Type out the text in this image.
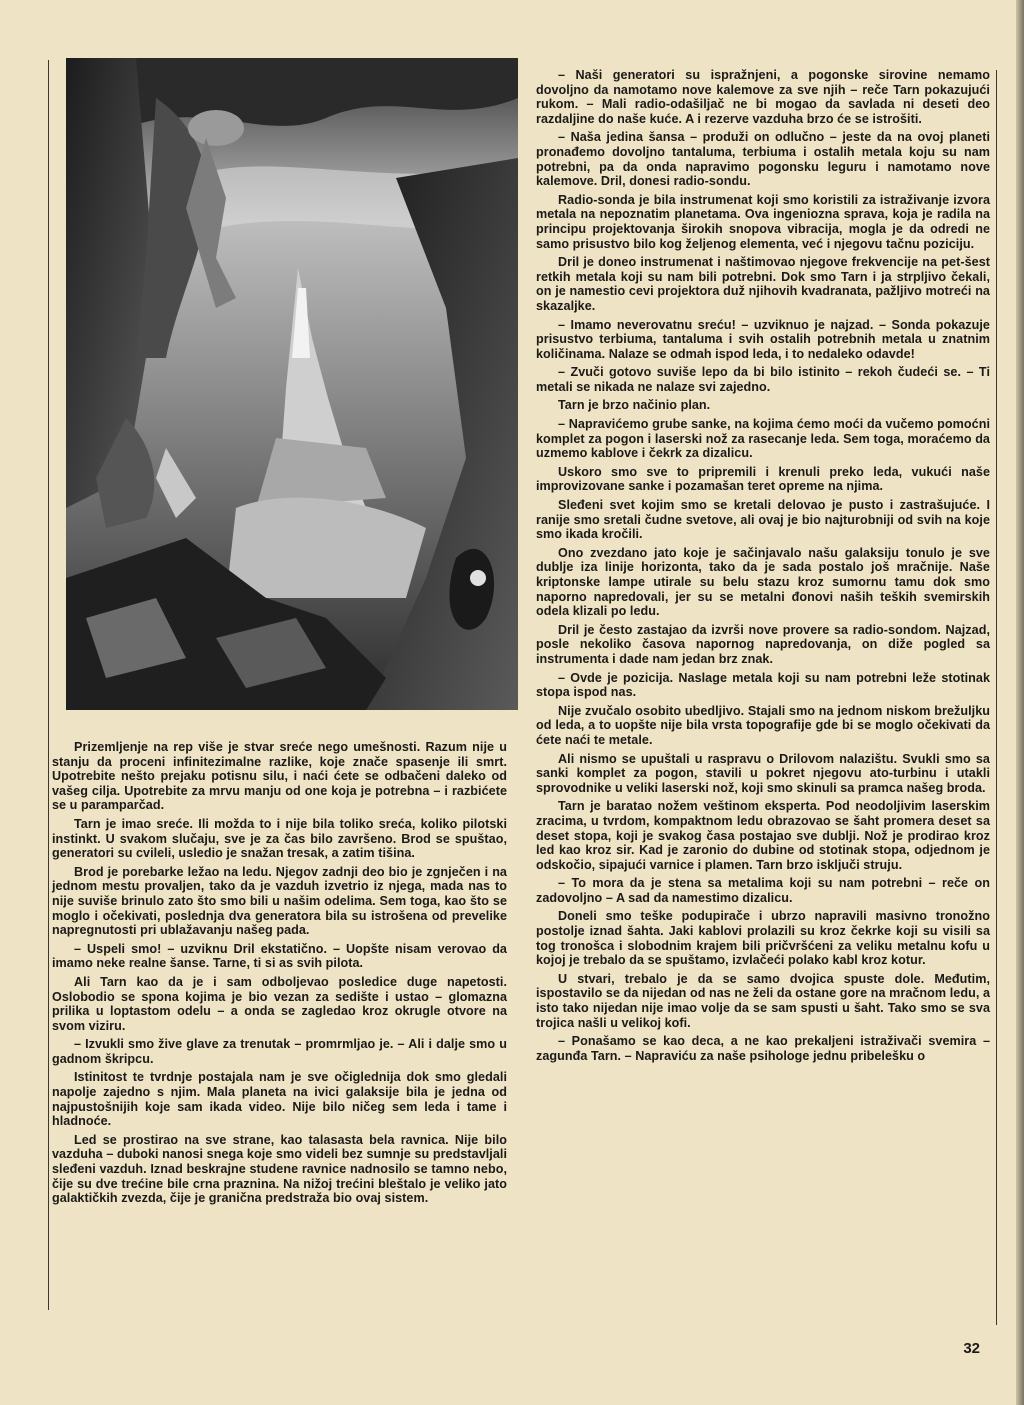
Prizemljenje na rep više je stvar sreće nego umešnosti. Razum nije u stanju da proceni infinitezimalne razlike, koje znače spasenje ili smrt. Upotrebite nešto prejaku potisnu silu, i naći ćete se odbačeni daleko od vašeg cilja. Upotrebite za mrvu manju od one koja je potrebna – i razbićete se u paramparčad.

Tarn je imao sreće. Ili možda to i nije bila toliko sreća, koliko pilotski instinkt. U svakom slučaju, sve je za čas bilo završeno. Brod se spuštao, generatori su cvileli, usledio je snažan tresak, a zatim tišina.

Brod je porebarke ležao na ledu. Njegov zadnji deo bio je zgnječen i na jednom mestu provaljen, tako da je vazduh izvetrio iz njega, mada nas to nije suviše brinulo zato što smo bili u našim odelima. Sem toga, kao što se moglo i očekivati, poslednja dva generatora bila su istrošena od prevelike napregnutosti pri ublažavanju našeg pada.

– Uspeli smo! – uzviknu Dril ekstatično. – Uopšte nisam verovao da imamo neke realne šanse. Tarne, ti si as svih pilota.

Ali Tarn kao da je i sam odboljevao posledice duge napetosti. Oslobodio se spona kojima je bio vezan za sedište i ustao – glomazna prilika u loptastom odelu – a onda se zagledao kroz okrugle otvore na svom viziru.

– Izvukli smo žive glave za trenutak – promrmljao je. – Ali i dalje smo u gadnom škripcu.

Istinitost te tvrdnje postajala nam je sve očiglednija dok smo gledali napolje zajedno s njim. Mala planeta na ivici galaksije bila je jedna od najpustošnijih koje sam ikada video. Nije bilo ničeg sem leda i tame i hladnoće.

Led se prostirao na sve strane, kao talasasta bela ravnica. Nije bilo vazduha – duboki nanosi snega koje smo videli bez sumnje su predstavljali sleđeni vazduh. Iznad beskrajne studene ravnice nadnosilo se tamno nebo, čije su dve trećine bile crna praznina. Na nižoj trećini bleštalo je veliko jato galaktičkih zvezda, čije je granična predstraža bio ovaj sistem.

– Naši generatori su ispražnjeni, a pogonske sirovine nemamo dovoljno da namotamo nove kalemove za sve njih – reče Tarn pokazujući rukom. – Mali radio-odašiljač ne bi mogao da savlada ni deseti deo razdaljine do naše kuće. A i rezerve vazduha brzo će se istrošiti.

– Naša jedina šansa – produži on odlučno – jeste da na ovoj planeti pronađemo dovoljno tantaluma, terbiuma i ostalih metala koju su nam potrebni, pa da onda napravimo pogonsku leguru i namotamo nove kalemove. Dril, donesi radio-sondu.

Radio-sonda je bila instrumenat koji smo koristili za istraživanje izvora metala na nepoznatim planetama. Ova ingeniozna sprava, koja je radila na principu projektovanja širokih snopova vibracija, mogla je da odredi ne samo prisustvo bilo kog željenog elementa, već i njegovu tačnu poziciju.

Dril je doneo instrumenat i naštimovao njegove frekvencije na pet-šest retkih metala koji su nam bili potrebni. Dok smo Tarn i ja strpljivo čekali, on je namestio cevi projektora duž njihovih kvadranata, pažljivo motreći na skazaljke.

– Imamo neverovatnu sreću! – uzviknuo je najzad. – Sonda pokazuje prisustvo terbiuma, tantaluma i svih ostalih potrebnih metala u znatnim količinama. Nalaze se odmah ispod leda, i to nedaleko odavde!

– Zvuči gotovo suviše lepo da bi bilo istinito – rekoh čudeći se. – Ti metali se nikada ne nalaze svi zajedno.

Tarn je brzo načinio plan.

– Napravićemo grube sanke, na kojima ćemo moći da vučemo pomoćni komplet za pogon i laserski nož za rasecanje leda. Sem toga, moraćemo da uzmemo kablove i čekrk za dizalicu.

Uskoro smo sve to pripremili i krenuli preko leda, vukući naše improvizovane sanke i pozamašan teret opreme na njima.

Sleđeni svet kojim smo se kretali delovao je pusto i zastrašujuće. I ranije smo sretali čudne svetove, ali ovaj je bio najturobniji od svih na koje smo ikada kročili.

Ono zvezdano jato koje je sačinjavalo našu galaksiju tonulo je sve dublje iza linije horizonta, tako da je sada postalo još mračnije. Naše kriptonske lampe utirale su belu stazu kroz sumornu tamu dok smo naporno napredovali, jer su se metalni đonovi naših teških svemirskih odela klizali po ledu.

Dril je često zastajao da izvrši nove provere sa radio-sondom. Najzad, posle nekoliko časova napornog napredovanja, on diže pogled sa instrumenta i dade nam jedan brz znak.

– Ovde je pozicija. Naslage metala koji su nam potrebni leže stotinak stopa ispod nas.

Nije zvučalo osobito ubedljivo. Stajali smo na jednom niskom brežuljku od leda, a to uopšte nije bila vrsta topografije gde bi se moglo očekivati da ćete naći te metale.

Ali nismo se upuštali u raspravu o Drilovom nalazištu. Svukli smo sa sanki komplet za pogon, stavili u pokret njegovu ato-turbinu i utakli sprovodnike u veliki laserski nož, koji smo skinuli sa pramca našeg broda.

Tarn je baratao nožem veštinom eksperta. Pod neodoljivim laserskim zracima, u tvrdom, kompaktnom ledu obrazovao se šaht promera deset sa deset stopa, koji je svakog časa postajao sve dublji. Nož je prodirao kroz led kao kroz sir. Kad je zaronio do dubine od stotinak stopa, odjednom je odskočio, sipajući varnice i plamen. Tarn brzo isključi struju.

– To mora da je stena sa metalima koji su nam potrebni – reče on zadovoljno – A sad da namestimo dizalicu.

Doneli smo teške podupirače i ubrzo napravili masivno tronožno postolje iznad šahta. Jaki kablovi prolazili su kroz čekrke koji su visili sa tog tronošca i slobodnim krajem bili pričvršćeni za veliku metalnu kofu u kojoj je trebalo da se spuštamo, izvlačeći polako kabl kroz kotur.

U stvari, trebalo je da se samo dvojica spuste dole. Međutim, ispostavilo se da nijedan od nas ne želi da ostane gore na mračnom ledu, a isto tako nijedan nije imao volje da se sam spusti u šaht. Tako smo se sva trojica našli u velikoj kofi.

– Ponašamo se kao deca, a ne kao prekaljeni istraživači svemira – zagunđa Tarn. – Napraviću za naše psihologe jednu pribelešku o

32
